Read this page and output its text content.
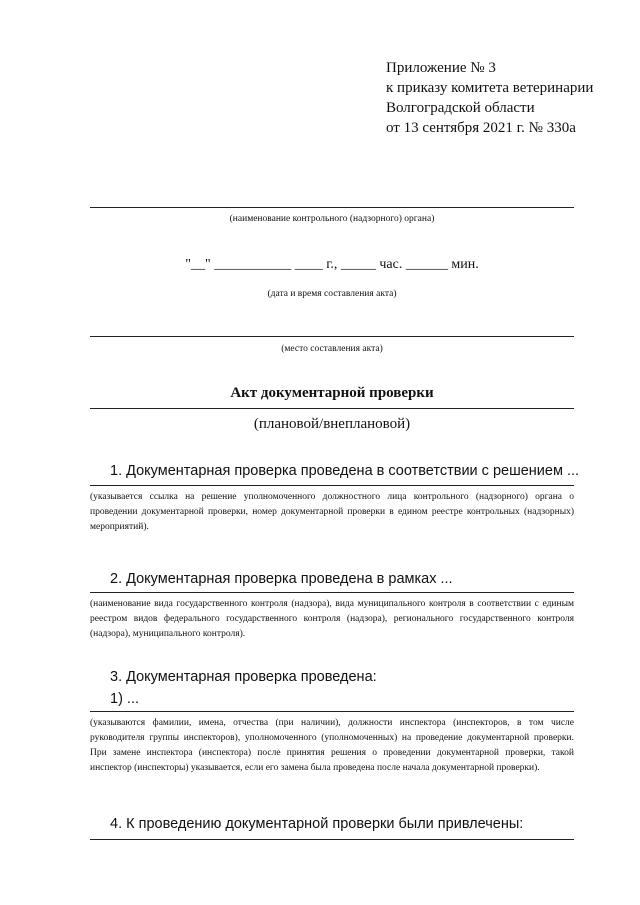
Приложение № 3
к приказу комитета ветеринарии
Волгоградской области
от 13 сентября 2021 г. № 330а
(наименование контрольного (надзорного) органа)
"__" ___________ ____ г., _____ час. ______ мин.
(дата и время составления акта)
(место составления акта)
Акт документарной проверки
(плановой/внеплановой)
1. Документарная проверка проведена в соответствии с решением ...
(указывается ссылка на решение уполномоченного должностного лица контрольного (надзорного) органа о проведении документарной проверки, номер документарной проверки в едином реестре контрольных (надзорных) мероприятий).
2. Документарная проверка проведена в рамках ...
(наименование вида государственного контроля (надзора), вида муниципального контроля в соответствии с единым реестром видов федерального государственного контроля (надзора), регионального государственного контроля (надзора), муниципального контроля).
3. Документарная проверка проведена:
1) ...
(указываются фамилии, имена, отчества (при наличии), должности инспектора (инспекторов, в том числе руководителя группы инспекторов), уполномоченного (уполномоченных) на проведение документарной проверки. При замене инспектора (инспектора) после принятия решения о проведении документарной проверки, такой инспектор (инспекторы) указывается, если его замена была проведена после начала документарной проверки).
4. К проведению документарной проверки были привлечены:
